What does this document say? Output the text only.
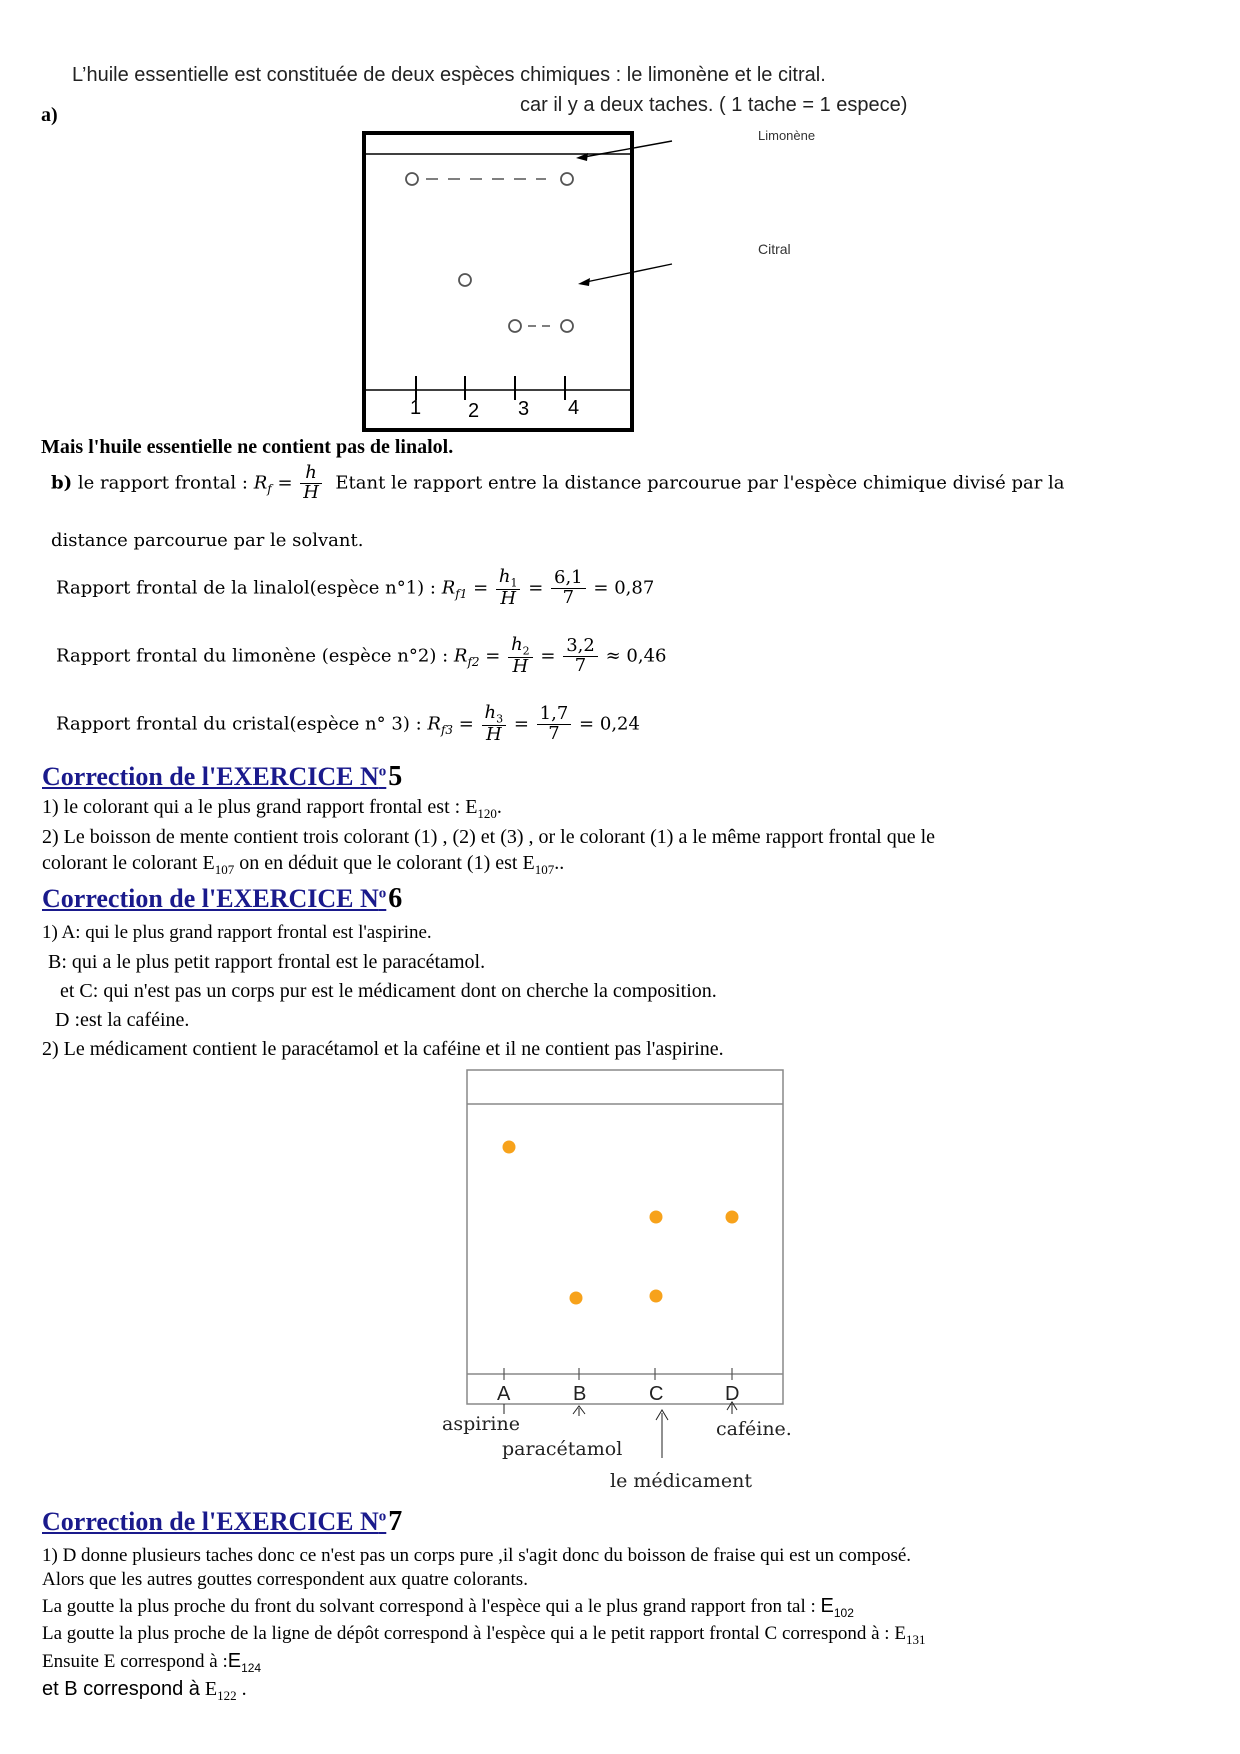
L’huile essentielle est constituée de deux espèces chimiques : le limonène et le citral.
a)	car il y a deux taches. ( 1 tache = 1 espece)
1 2 3 4
Limonène
Citral
Mais l'huile essentielle ne contient pas de linalol.
b) le rapport frontal : $R_f = \frac{h}{H}$ Etant le rapport entre la distance parcourue par l'espèce chimique divisé par la
distance parcourue par le solvant.
Rapport frontal de la linalol(espèce n°1) : $R_{f1} = \frac{h_1}{H} = \frac{6,1}{7} = 0,87$
Rapport frontal du limonène (espèce n°2) : $R_{f2} = \frac{h_2}{H} = \frac{3,2}{7} \approx 0,46$
Rapport frontal du cristal(espèce n° 3) : $R_{f3} = \frac{h_3}{H} = \frac{1,7}{7} = 0,24$
Correction de l'EXERCICE $N^o5$
1) le colorant qui a le plus grand rapport frontal est : $E_{120}$.
2) Le boisson de mente contient trois colorant (1) , (2) et (3) , or le colorant (1) a le même rapport frontal que le
colorant le colorant $E_{107}$ on en déduit que le colorant (1) est $E_{107}$..
Correction de l'EXERCICE $N^o6$
1) A: qui le plus grand rapport frontal est l'aspirine.
B: qui a le plus petit rapport frontal est le paracétamol.
et C: qui n'est pas un corps pur est le médicament dont on cherche la composition.
D :est la caféine.
2) Le médicament contient le paracétamol et la caféine et il ne contient pas l'aspirine.
A	B	C	D
aspirine
paracétamol
caféine.
le médicament
Correction de l'EXERCICE $N^o7$
1) D donne plusieurs taches donc ce n'est pas un corps pure ,il s'agit donc du boisson de fraise qui est un composé.
Alors que les autres gouttes correspondent aux quatre colorants.
La goutte la plus proche du front du solvant correspond à l'espèce qui a le plus grand rapport fron tal : $E_{102}$
La goutte la plus proche de la ligne de dépôt correspond à l'espèce qui a le petit rapport frontal C correspond à : $E_{131}$
Ensuite E correspond à $:E_{124}$
et B correspond à $E_{122}$ .
